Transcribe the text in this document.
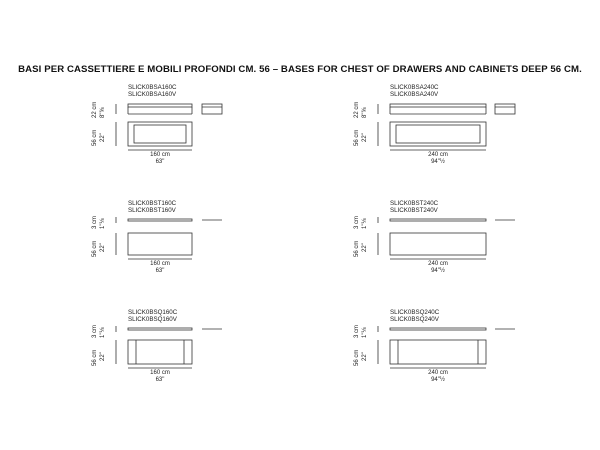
BASI PER CASSETTIERE E MOBILI PROFONDI CM. 56 – BASES FOR CHEST OF DRAWERS AND CABINETS DEEP 56 CM.
SLICK0BSA160C
SLICK0BSA160V
22 cm 8"⅝
56 cm 22"
160 cm
63"
SLICK0BSA240C
SLICK0BSA240V
22 cm 8"⅝
56 cm 22"
240 cm
94"½
SLICK0BST160C
SLICK0BST160V
3 cm 1"⅛
56 cm 22"
160 cm
63"
SLICK0BST240C
SLICK0BST240V
3 cm 1"⅛
56 cm 22"
240 cm
94"½
SLICK0BSQ160C
SLICK0BSQ160V
3 cm 1"⅛
56 cm 22"
160 cm
63"
SLICK0BSQ240C
SLICK0BSQ240V
3 cm 1"⅛
56 cm 22"
240 cm
94"½
